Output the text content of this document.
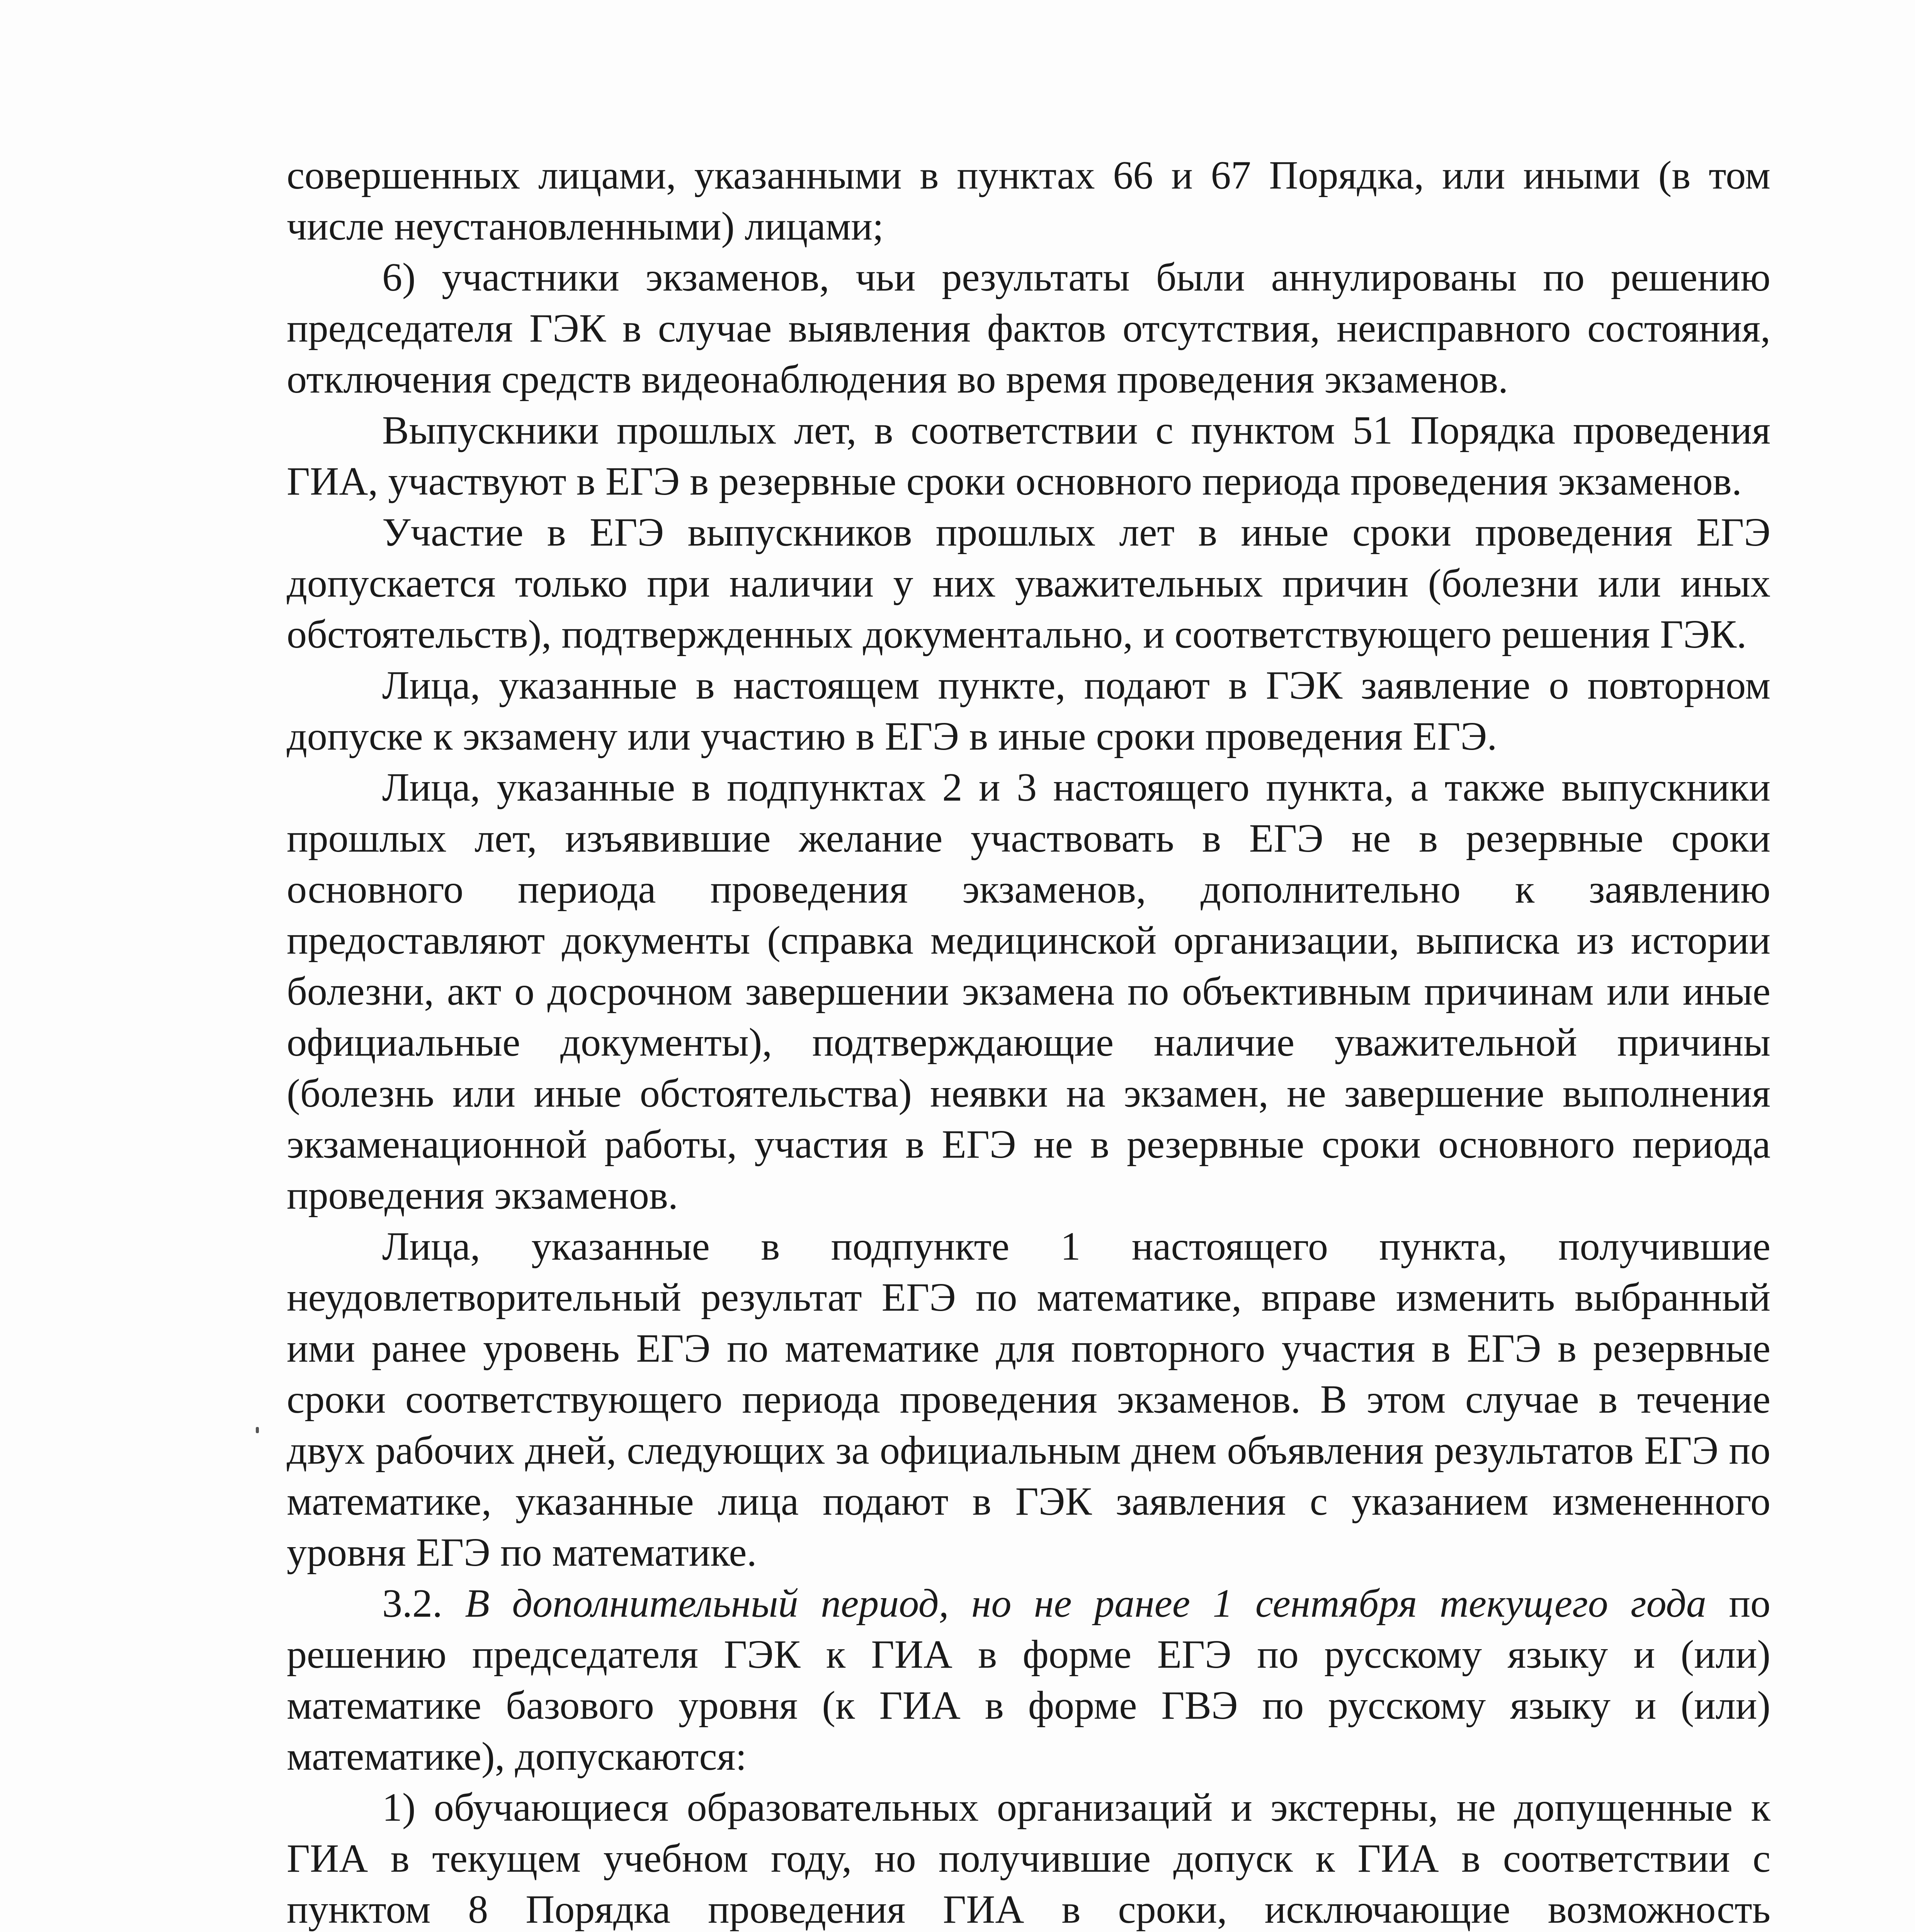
совершенных лицами, указанными в пунктах 66 и 67 Порядка, или иными (в том числе неустановленными) лицами;

6) участники экзаменов, чьи результаты были аннулированы по решению председателя ГЭК в случае выявления фактов отсутствия, неисправного состояния, отключения средств видеонаблюдения во время проведения экзаменов.

Выпускники прошлых лет, в соответствии с пунктом 51 Порядка проведения ГИА, участвуют в ЕГЭ в резервные сроки основного периода проведения экзаменов.

Участие в ЕГЭ выпускников прошлых лет в иные сроки проведения ЕГЭ допускается только при наличии у них уважительных причин (болезни или иных обстоятельств), подтвержденных документально, и соответствующего решения ГЭК.

Лица, указанные в настоящем пункте, подают в ГЭК заявление о повторном допуске к экзамену или участию в ЕГЭ в иные сроки проведения ЕГЭ.

Лица, указанные в подпунктах 2 и 3 настоящего пункта, а также выпускники прошлых лет, изъявившие желание участвовать в ЕГЭ не в резервные сроки основного периода проведения экзаменов, дополнительно к заявлению предоставляют документы (справка медицинской организации, выписка из истории болезни, акт о досрочном завершении экзамена по объективным причинам или иные официальные документы), подтверждающие наличие уважительной причины (болезнь или иные обстоятельства) неявки на экзамен, не завершение выполнения экзаменационной работы, участия в ЕГЭ не в резервные сроки основного периода проведения экзаменов.

Лица, указанные в подпункте 1 настоящего пункта, получившие неудовлетворительный результат ЕГЭ по математике, вправе изменить выбранный ими ранее уровень ЕГЭ по математике для повторного участия в ЕГЭ в резервные сроки соответствующего периода проведения экзаменов. В этом случае в течение двух рабочих дней, следующих за официальным днем объявления результатов ЕГЭ по математике, указанные лица подают в ГЭК заявления с указанием измененного уровня ЕГЭ по математике.

3.2. В дополнительный период, но не ранее 1 сентября текущего года по решению председателя ГЭК к ГИА в форме ЕГЭ по русскому языку и (или) математике базового уровня (к ГИА в форме ГВЭ по русскому языку и (или) математике), допускаются:

1) обучающиеся образовательных организаций и экстерны, не допущенные к ГИА в текущем учебном году, но получившие допуск к ГИА в соответствии с пунктом 8 Порядка проведения ГИА в сроки, исключающие возможность
